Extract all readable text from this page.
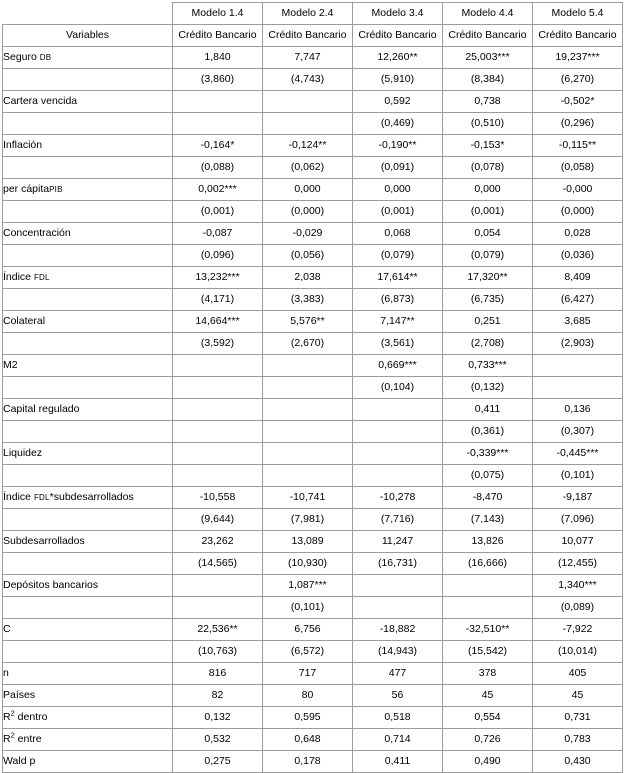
	Modelo 1.4	Modelo 2.4	Modelo 3.4	Modelo 4.4	Modelo 5.4
Variables	Crédito Bancario	Crédito Bancario	Crédito Bancario	Crédito Bancario	Crédito Bancario
Seguro DB	1,840	7,747	12,260**	25,003***	19,237***
	(3,860)	(4,743)	(5,910)	(8,384)	(6,270)
Cartera vencida			0,592	0,738	-0,502*
			(0,469)	(0,510)	(0,296)
Inflación	-0,164*	-0,124**	-0,190**	-0,153*	-0,115**
	(0,088)	(0,062)	(0,091)	(0,078)	(0,058)
per cápitaPIB	0,002***	0,000	0,000	0,000	-0,000
	(0,001)	(0,000)	(0,001)	(0,001)	(0,000)
Concentración	-0,087	-0,029	0,068	0,054	0,028
	(0,096)	(0,056)	(0,079)	(0,079)	(0,036)
Índice FDL	13,232***	2,038	17,614**	17,320**	8,409
	(4,171)	(3,383)	(6,873)	(6,735)	(6,427)
Colateral	14,664***	5,576**	7,147**	0,251	3,685
	(3,592)	(2,670)	(3,561)	(2,708)	(2,903)
M2			0,669***	0,733***	
			(0,104)	(0,132)	
Capital regulado				0,411	0,136
				(0,361)	(0,307)
Liquidez				-0,339***	-0,445***
				(0,075)	(0,101)
Índice FDL*subdesarrollados	-10,558	-10,741	-10,278	-8,470	-9,187
	(9,644)	(7,981)	(7,716)	(7,143)	(7,096)
Subdesarrollados	23,262	13,089	11,247	13,826	10,077
	(14,565)	(10,930)	(16,731)	(16,666)	(12,455)
Depósitos bancarios		1,087***			1,340***
		(0,101)			(0,089)
C	22,536**	6,756	-18,882	-32,510**	-7,922
	(10,763)	(6,572)	(14,943)	(15,542)	(10,014)
n	816	717	477	378	405
Países	82	80	56	45	45
$R^2$ dentro	0,132	0,595	0,518	0,554	0,731
$R^2$ entre	0,532	0,648	0,714	0,726	0,783
Wald p	0,275	0,178	0,411	0,490	0,430
